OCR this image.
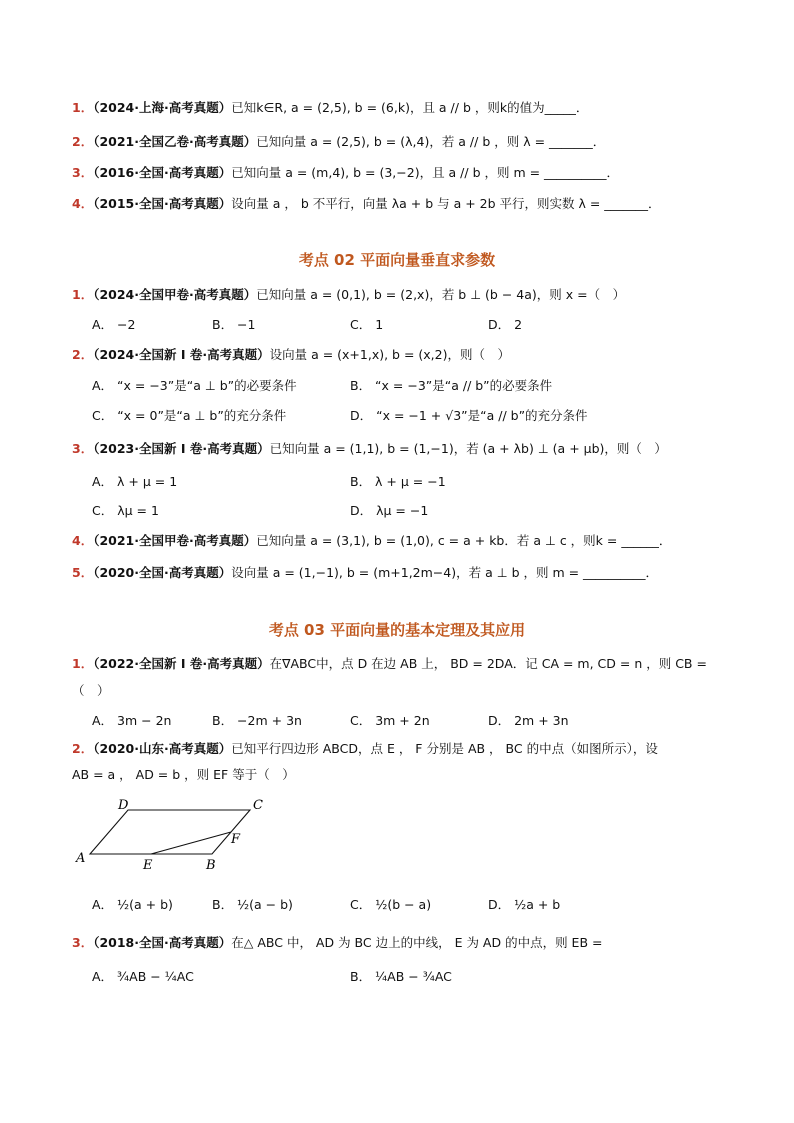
1．（2024·上海·高考真题）已知k∈R, a = (2,5), b = (6,k)，且 a // b ，则k的值为_____．
2．（2021·全国乙卷·高考真题）已知向量 a = (2,5), b = (λ,4)，若 a // b ，则 λ = _______．
3．（2016·全国·高考真题）已知向量 a = (m,4), b = (3,−2)，且 a // b ，则 m = __________．
4．（2015·全国·高考真题）设向量 a ， b 不平行，向量 λa + b 与 a + 2b 平行，则实数 λ = _______．
考点 02 平面向量垂直求参数
1．（2024·全国甲卷·高考真题）已知向量 a = (0,1), b = (2,x)，若 b ⊥ (b − 4a)，则 x =（　）
A． −2	B． −1	C． 1	D． 2
2．（2024·全国新 I 卷·高考真题）设向量 a = (x+1,x), b = (x,2)，则（　）
A． “x = −3”是“a ⊥ b”的必要条件	B． “x = −3”是“a // b”的必要条件
C． “x = 0”是“a ⊥ b”的充分条件	D． “x = −1 + √3”是“a // b”的充分条件
3．（2023·全国新 I 卷·高考真题）已知向量 a = (1,1), b = (1,−1)，若 (a + λb) ⊥ (a + μb)，则（　）
A． λ + μ = 1	B． λ + μ = −1
C． λμ = 1	D． λμ = −1
4．（2021·全国甲卷·高考真题）已知向量 a = (3,1), b = (1,0), c = a + kb．若 a ⊥ c ，则k = ______．
5．（2020·全国·高考真题）设向量 a = (1,−1), b = (m+1,2m−4)，若 a ⊥ b ，则 m = __________．
考点 03 平面向量的基本定理及其应用
1．（2022·全国新 I 卷·高考真题）在∇ABC中，点 D 在边 AB 上， BD = 2DA．记 CA = m, CD = n ，则 CB =
（　）
A． 3m − 2n	B． −2m + 3n	C． 3m + 2n	D． 2m + 3n
2．（2020·山东·高考真题）已知平行四边形 ABCD，点 E ， F 分别是 AB ， BC 的中点（如图所示），设
AB = a ， AD = b ，则 EF 等于（　）
D	C
F
A	E	B
A． ½(a + b)	B． ½(a − b)	C． ½(b − a)	D． ½a + b
3．（2018·全国·高考真题）在△ ABC 中， AD 为 BC 边上的中线， E 为 AD 的中点，则 EB =
A． ¾AB − ¼AC	B． ¼AB − ¾AC
